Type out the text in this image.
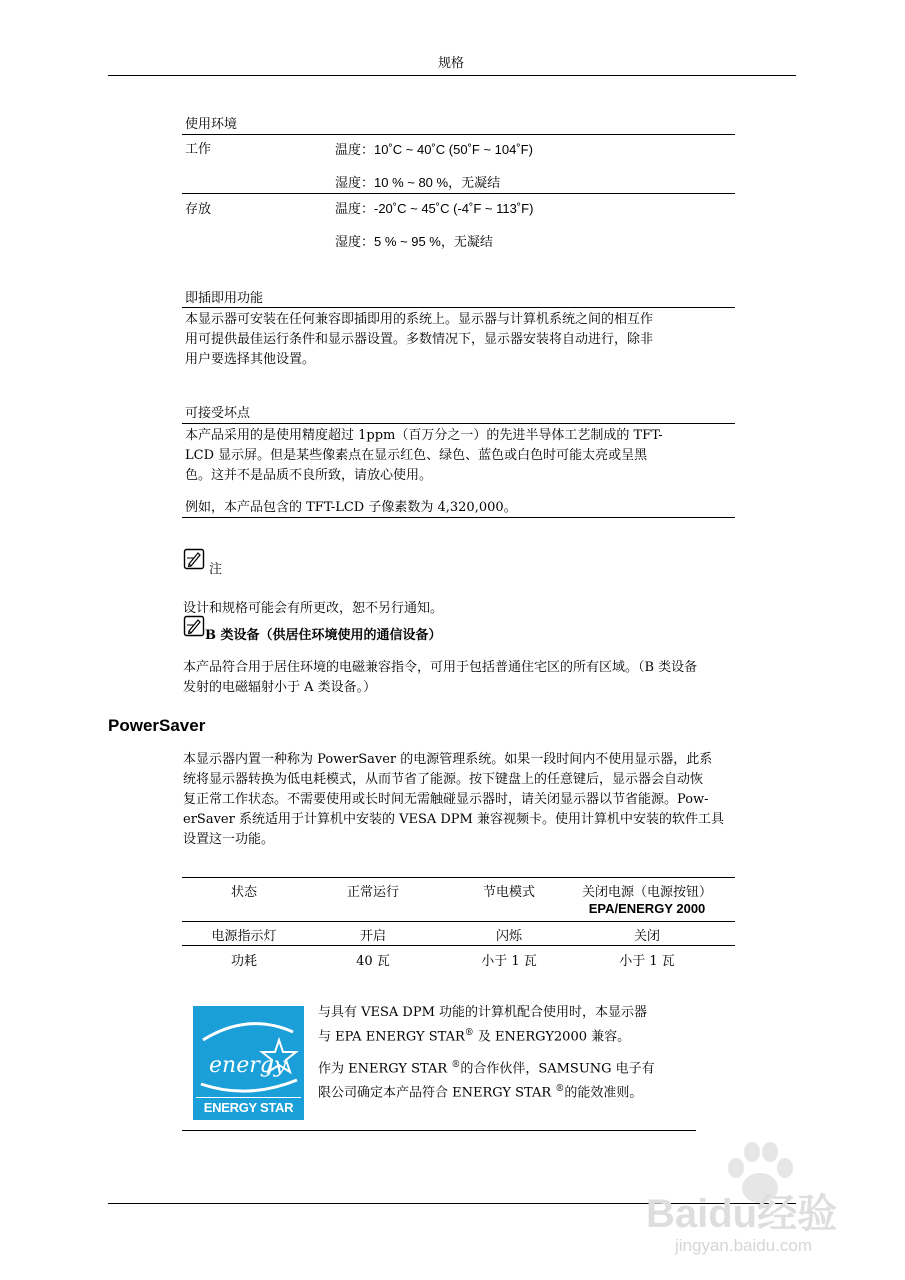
规格
使用环境
工作	温度：10˚C ~ 40˚C (50˚F ~ 104˚F)
湿度：10 % ~ 80 %，无凝结
存放	温度：-20˚C ~ 45˚C (-4˚F ~ 113˚F)
湿度：5 % ~ 95 %，无凝结
即插即用功能
本显示器可安装在任何兼容即插即用的系统上。显示器与计算机系统之间的相互作
用可提供最佳运行条件和显示器设置。多数情况下，显示器安装将自动进行，除非
用户要选择其他设置。
可接受坏点
本产品采用的是使用精度超过 1ppm（百万分之一）的先进半导体工艺制成的 TFT-
LCD 显示屏。但是某些像素点在显示红色、绿色、蓝色或白色时可能太亮或呈黑
色。这并不是品质不良所致，请放心使用。
例如，本产品包含的 TFT-LCD 子像素数为 4,320,000。
注
设计和规格可能会有所更改，恕不另行通知。
B 类设备（供居住环境使用的通信设备）
本产品符合用于居住环境的电磁兼容指令，可用于包括普通住宅区的所有区域。（B 类设备
发射的电磁辐射小于 A 类设备。）
PowerSaver
本显示器内置一种称为 PowerSaver 的电源管理系统。如果一段时间内不使用显示器，此系
统将显示器转换为低电耗模式，从而节省了能源。按下键盘上的任意键后，显示器会自动恢
复正常工作状态。不需要使用或长时间无需触碰显示器时，请关闭显示器以节省能源。Pow-
erSaver 系统适用于计算机中安装的 VESA DPM 兼容视频卡。使用计算机中安装的软件工具
设置这一功能。
状态	正常运行	节电模式	关闭电源（电源按钮）
EPA/ENERGY 2000
电源指示灯	开启	闪烁	关闭
功耗	40 瓦	小于 1 瓦	小于 1 瓦
energy
ENERGY STAR
与具有 VESA DPM 功能的计算机配合使用时，本显示器
与 EPA ENERGY STAR® 及 ENERGY2000 兼容。
作为 ENERGY STAR ®的合作伙伴，SAMSUNG 电子有
限公司确定本产品符合 ENERGY STAR ®的能效准则。
Baidu经验
jingyan.baidu.com
